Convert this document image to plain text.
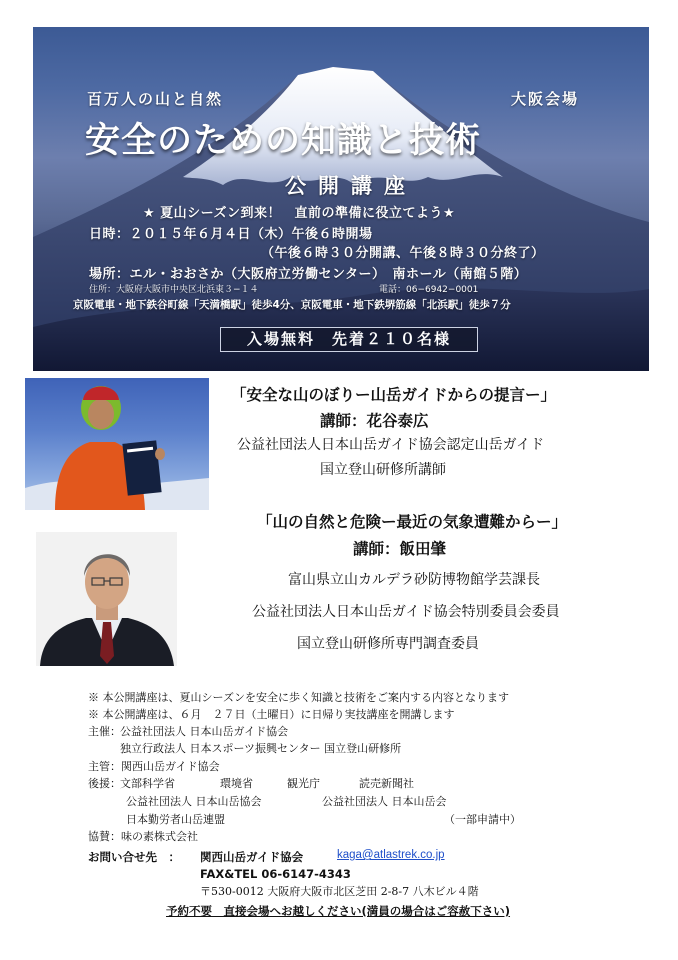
百万人の山と自然	大阪会場
安全のための知識と技術
公開講座
★ 夏山シーズン到来！　直前の準備に役立てよう★
日時：２０１５年６月４日（木）午後６時開場
（午後６時３０分開講、午後８時３０分終了）
場所：エル・おおさか（大阪府立労働センター）　南ホール（南館５階）
住所：大阪府大阪市中央区北浜東３−１４	電話：06−6942−0001
京阪電車・地下鉄谷町線「天満橋駅」徒歩4分、京阪電車・地下鉄堺筋線「北浜駅」徒歩７分
入場無料　先着２１０名様
「安全な山のぼりー山岳ガイドからの提言ー」
講師：花谷泰広
公益社団法人日本山岳ガイド協会認定山岳ガイド
国立登山研修所講師
「山の自然と危険ー最近の気象遭難からー」
講師：飯田肇
富山県立山カルデラ砂防博物館学芸課長
公益社団法人日本山岳ガイド協会特別委員会委員
国立登山研修所専門調査委員
※ 本公開講座は、夏山シーズンを安全に歩く知識と技術をご案内する内容となります
※ 本公開講座は、６月　２７日（土曜日）に日帰り実技講座を開講します
主催： 公益社団法人 日本山岳ガイド協会
独立行政法人 日本スポーツ振興センター 国立登山研修所
主管：関西山岳ガイド協会
後援： 文部科学省	環境省	観光庁	読売新聞社
公益社団法人 日本山岳協会	公益社団法人 日本山岳会
日本勤労者山岳連盟	（一部申請中）
協賛：味の素株式会社
お問い合せ先　： 関西山岳ガイド協会	kaga@atlastrek.co.jp
FAX&TEL 06-6147-4343
〒530-0012 大阪府大阪市北区芝田 2-8-7 八木ビル４階
予約不要　直接会場へお越しください(満員の場合はご容赦下さい)
